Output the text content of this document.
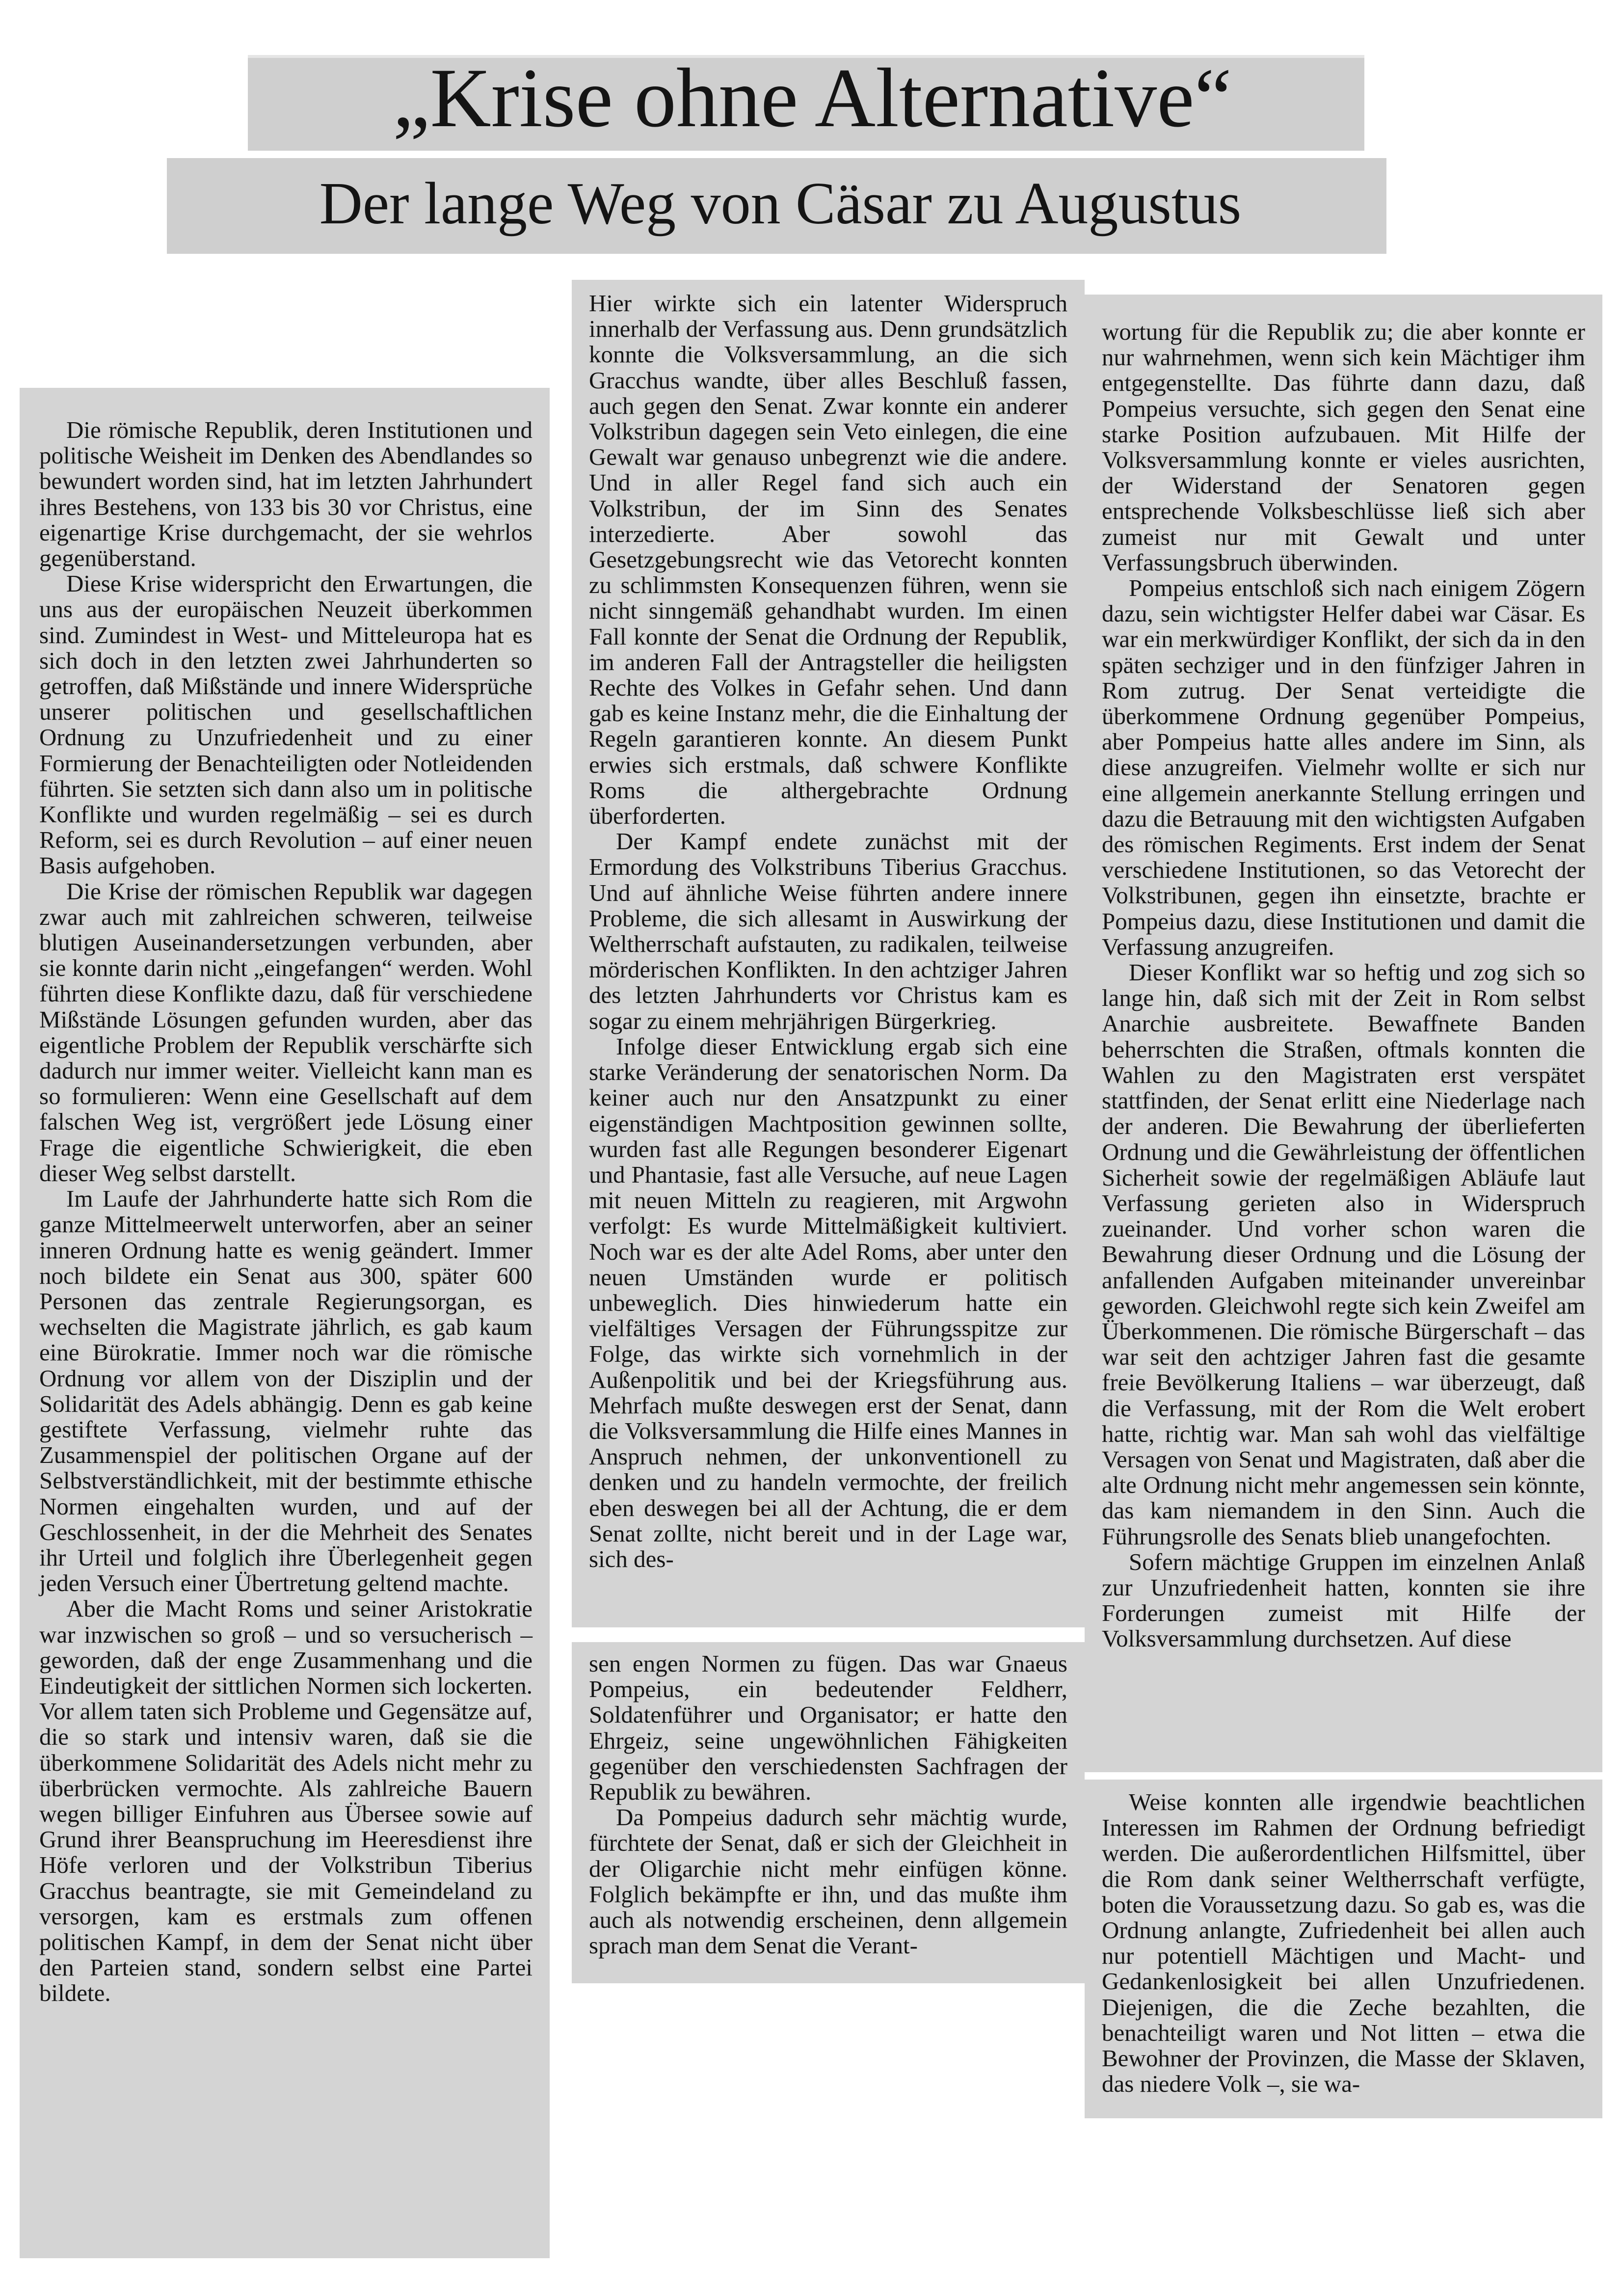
„Krise ohne Alternative“
Der lange Weg von Cäsar zu Augustus

Die römische Republik, deren Institutionen und politische Weisheit im Denken des Abendlandes so bewundert worden sind, hat im letzten Jahrhundert ihres Bestehens, von 133 bis 30 vor Christus, eine eigenartige Krise durchgemacht, der sie wehrlos gegenüberstand.

Diese Krise widerspricht den Erwartungen, die uns aus der europäischen Neuzeit überkommen sind. Zumindest in West- und Mitteleuropa hat es sich doch in den letzten zwei Jahrhunderten so getroffen, daß Mißstände und innere Widersprüche unserer politischen und gesellschaftlichen Ordnung zu Unzufriedenheit und zu einer Formierung der Benachteiligten oder Notleidenden führten. Sie setzten sich dann also um in politische Konflikte und wurden regelmäßig – sei es durch Reform, sei es durch Revolution – auf einer neuen Basis aufgehoben.

Die Krise der römischen Republik war dagegen zwar auch mit zahlreichen schweren, teilweise blutigen Auseinandersetzungen verbunden, aber sie konnte darin nicht „eingefangen“ werden. Wohl führten diese Konflikte dazu, daß für verschiedene Mißstände Lösungen gefunden wurden, aber das eigentliche Problem der Republik verschärfte sich dadurch nur immer weiter. Vielleicht kann man es so formulieren: Wenn eine Gesellschaft auf dem falschen Weg ist, vergrößert jede Lösung einer Frage die eigentliche Schwierigkeit, die eben dieser Weg selbst darstellt.

Im Laufe der Jahrhunderte hatte sich Rom die ganze Mittelmeerwelt unterworfen, aber an seiner inneren Ordnung hatte es wenig geändert. Immer noch bildete ein Senat aus 300, später 600 Personen das zentrale Regierungsorgan, es wechselten die Magistrate jährlich, es gab kaum eine Bürokratie. Immer noch war die römische Ordnung vor allem von der Disziplin und der Solidarität des Adels abhängig. Denn es gab keine gestiftete Verfassung, vielmehr ruhte das Zusammenspiel der politischen Organe auf der Selbstverständlichkeit, mit der bestimmte ethische Normen eingehalten wurden, und auf der Geschlossenheit, in der die Mehrheit des Senates ihr Urteil und folglich ihre Überlegenheit gegen jeden Versuch einer Übertretung geltend machte.

Aber die Macht Roms und seiner Aristokratie war inzwischen so groß – und so versucherisch – geworden, daß der enge Zusammenhang und die Eindeutigkeit der sittlichen Normen sich lockerten. Vor allem taten sich Probleme und Gegensätze auf, die so stark und intensiv waren, daß sie die überkommene Solidarität des Adels nicht mehr zu überbrücken vermochte. Als zahlreiche Bauern wegen billiger Einfuhren aus Übersee sowie auf Grund ihrer Beanspruchung im Heeresdienst ihre Höfe verloren und der Volkstribun Tiberius Gracchus beantragte, sie mit Gemeindeland zu versorgen, kam es erstmals zum offenen politischen Kampf, in dem der Senat nicht über den Parteien stand, sondern selbst eine Partei bildete.

Hier wirkte sich ein latenter Widerspruch innerhalb der Verfassung aus. Denn grundsätzlich konnte die Volksversammlung, an die sich Gracchus wandte, über alles Beschluß fassen, auch gegen den Senat. Zwar konnte ein anderer Volkstribun dagegen sein Veto einlegen, die eine Gewalt war genauso unbegrenzt wie die andere. Und in aller Regel fand sich auch ein Volkstribun, der im Sinn des Senates interzedierte. Aber sowohl das Gesetzgebungsrecht wie das Vetorecht konnten zu schlimmsten Konsequenzen führen, wenn sie nicht sinngemäß gehandhabt wurden. Im einen Fall konnte der Senat die Ordnung der Republik, im anderen Fall der Antragsteller die heiligsten Rechte des Volkes in Gefahr sehen. Und dann gab es keine Instanz mehr, die die Einhaltung der Regeln garantieren konnte. An diesem Punkt erwies sich erstmals, daß schwere Konflikte Roms die althergebrachte Ordnung überforderten.

Der Kampf endete zunächst mit der Ermordung des Volkstribuns Tiberius Gracchus. Und auf ähnliche Weise führten andere innere Probleme, die sich allesamt in Auswirkung der Weltherrschaft aufstauten, zu radikalen, teilweise mörderischen Konflikten. In den achtziger Jahren des letzten Jahrhunderts vor Christus kam es sogar zu einem mehrjährigen Bürgerkrieg.

Infolge dieser Entwicklung ergab sich eine starke Veränderung der senatorischen Norm. Da keiner auch nur den Ansatzpunkt zu einer eigenständigen Machtposition gewinnen sollte, wurden fast alle Regungen besonderer Eigenart und Phantasie, fast alle Versuche, auf neue Lagen mit neuen Mitteln zu reagieren, mit Argwohn verfolgt: Es wurde Mittelmäßigkeit kultiviert. Noch war es der alte Adel Roms, aber unter den neuen Umständen wurde er politisch unbeweglich. Dies hinwiederum hatte ein vielfältiges Versagen der Führungsspitze zur Folge, das wirkte sich vornehmlich in der Außenpolitik und bei der Kriegsführung aus. Mehrfach mußte deswegen erst der Senat, dann die Volksversammlung die Hilfe eines Mannes in Anspruch nehmen, der unkonventionell zu denken und zu handeln vermochte, der freilich eben deswegen bei all der Achtung, die er dem Senat zollte, nicht bereit und in der Lage war, sich des-

sen engen Normen zu fügen. Das war Gnaeus Pompeius, ein bedeutender Feldherr, Soldatenführer und Organisator; er hatte den Ehrgeiz, seine ungewöhnlichen Fähigkeiten gegenüber den verschiedensten Sachfragen der Republik zu bewähren.

Da Pompeius dadurch sehr mächtig wurde, fürchtete der Senat, daß er sich der Gleichheit in der Oligarchie nicht mehr einfügen könne. Folglich bekämpfte er ihn, und das mußte ihm auch als notwendig erscheinen, denn allgemein sprach man dem Senat die Verant-

wortung für die Republik zu; die aber konnte er nur wahrnehmen, wenn sich kein Mächtiger ihm entgegenstellte. Das führte dann dazu, daß Pompeius versuchte, sich gegen den Senat eine starke Position aufzubauen. Mit Hilfe der Volksversammlung konnte er vieles ausrichten, der Widerstand der Senatoren gegen entsprechende Volksbeschlüsse ließ sich aber zumeist nur mit Gewalt und unter Verfassungsbruch überwinden.

Pompeius entschloß sich nach einigem Zögern dazu, sein wichtigster Helfer dabei war Cäsar. Es war ein merkwürdiger Konflikt, der sich da in den späten sechziger und in den fünfziger Jahren in Rom zutrug. Der Senat verteidigte die überkommene Ordnung gegenüber Pompeius, aber Pompeius hatte alles andere im Sinn, als diese anzugreifen. Vielmehr wollte er sich nur eine allgemein anerkannte Stellung erringen und dazu die Betrauung mit den wichtigsten Aufgaben des römischen Regiments. Erst indem der Senat verschiedene Institutionen, so das Vetorecht der Volkstribunen, gegen ihn einsetzte, brachte er Pompeius dazu, diese Institutionen und damit die Verfassung anzugreifen.

Dieser Konflikt war so heftig und zog sich so lange hin, daß sich mit der Zeit in Rom selbst Anarchie ausbreitete. Bewaffnete Banden beherrschten die Straßen, oftmals konnten die Wahlen zu den Magistraten erst verspätet stattfinden, der Senat erlitt eine Niederlage nach der anderen. Die Bewahrung der überlieferten Ordnung und die Gewährleistung der öffentlichen Sicherheit sowie der regelmäßigen Abläufe laut Verfassung gerieten also in Widerspruch zueinander. Und vorher schon waren die Bewahrung dieser Ordnung und die Lösung der anfallenden Aufgaben miteinander unvereinbar geworden. Gleichwohl regte sich kein Zweifel am Überkommenen. Die römische Bürgerschaft – das war seit den achtziger Jahren fast die gesamte freie Bevölkerung Italiens – war überzeugt, daß die Verfassung, mit der Rom die Welt erobert hatte, richtig war. Man sah wohl das vielfältige Versagen von Senat und Magistraten, daß aber die alte Ordnung nicht mehr angemessen sein könnte, das kam niemandem in den Sinn. Auch die Führungsrolle des Senats blieb unangefochten.

Sofern mächtige Gruppen im einzelnen Anlaß zur Unzufriedenheit hatten, konnten sie ihre Forderungen zumeist mit Hilfe der Volksversammlung durchsetzen. Auf diese

Weise konnten alle irgendwie beachtlichen Interessen im Rahmen der Ordnung befriedigt werden. Die außerordentlichen Hilfsmittel, über die Rom dank seiner Weltherrschaft verfügte, boten die Voraussetzung dazu. So gab es, was die Ordnung anlangte, Zufriedenheit bei allen auch nur potentiell Mächtigen und Macht- und Gedankenlosigkeit bei allen Unzufriedenen. Diejenigen, die die Zeche bezahlten, die benachteiligt waren und Not litten – etwa die Bewohner der Provinzen, die Masse der Sklaven, das niedere Volk –, sie wa-
